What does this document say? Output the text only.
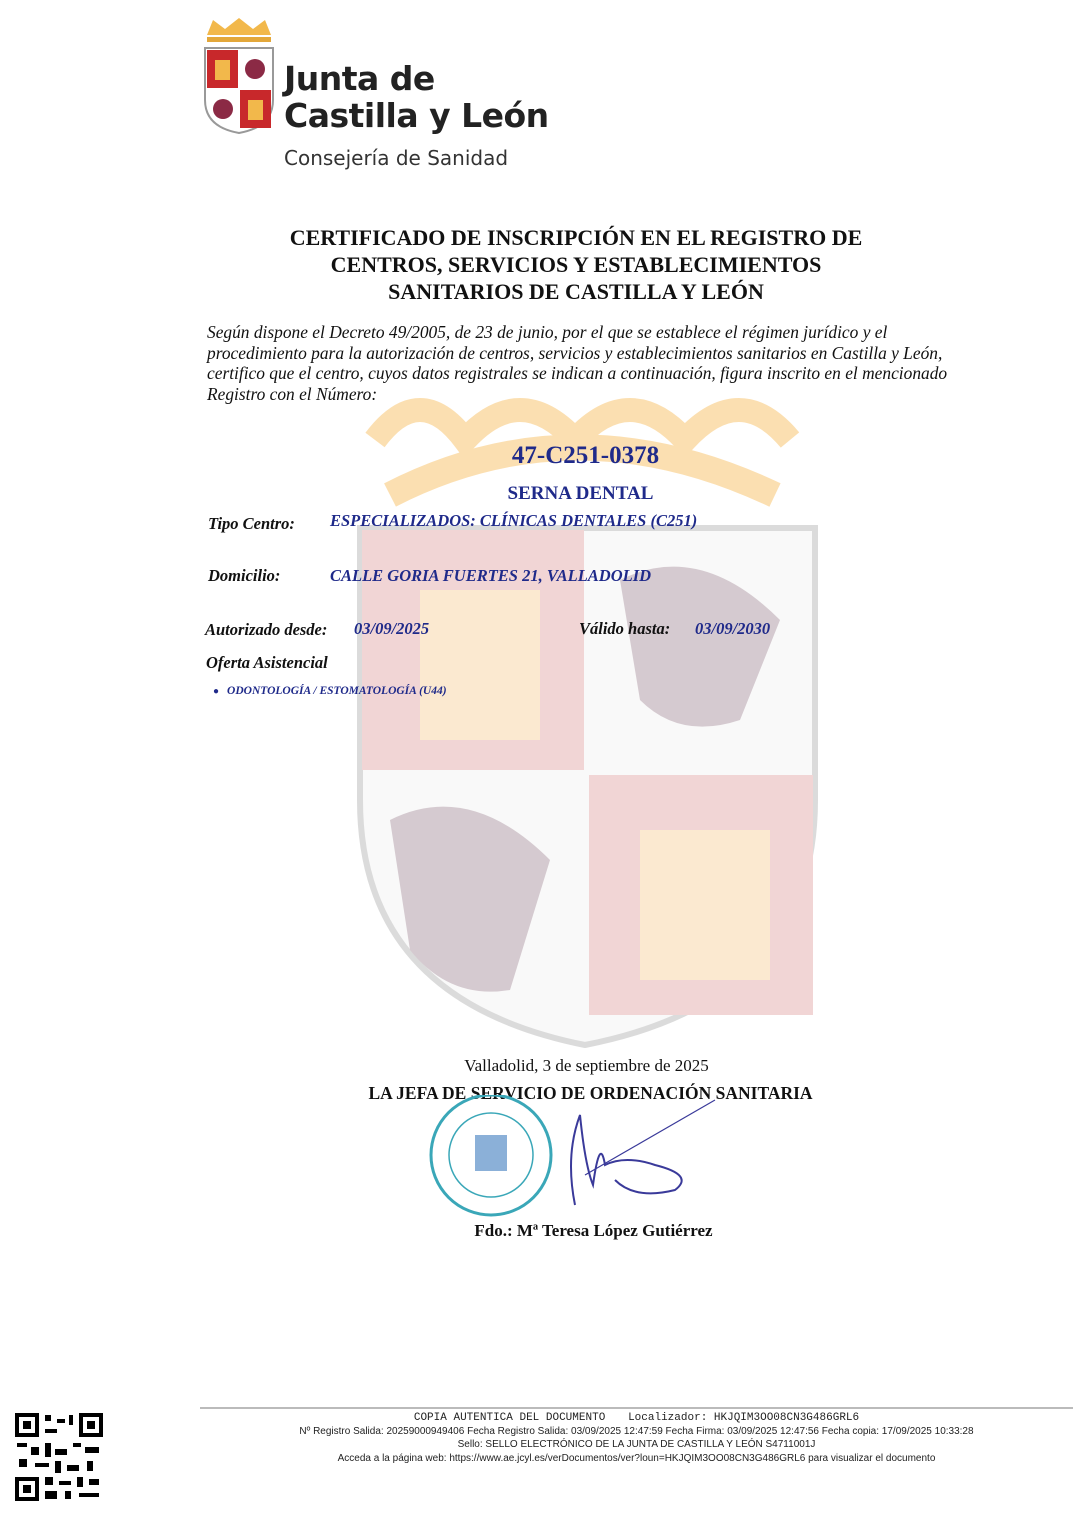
Junta de
Castilla y León
Consejería de Sanidad
CERTIFICADO DE INSCRIPCIÓN EN EL REGISTRO DE
CENTROS, SERVICIOS Y ESTABLECIMIENTOS
SANITARIOS DE CASTILLA Y LEÓN
Según dispone el Decreto 49/2005, de 23 de junio, por el que se establece el régimen jurídico y el procedimiento para la autorización de centros, servicios y establecimientos sanitarios en Castilla y León, certifico que el centro, cuyos datos registrales se indican a continuación, figura inscrito en el mencionado Registro con el Número:
47-C251-0378
SERNA DENTAL
Tipo Centro: ESPECIALIZADOS: CLÍNICAS DENTALES (C251)
Domicilio:	CALLE GORIA FUERTES 21, VALLADOLID
Autorizado desde: 03/09/2025	Válido hasta: 03/09/2030
Oferta Asistencial
● ODONTOLOGÍA / ESTOMATOLOGÍA (U44)
Valladolid, 3 de septiembre de 2025
LA JEFA DE SERVICIO DE ORDENACIÓN SANITARIA
Fdo.: Mª Teresa López Gutiérrez
COPIA AUTENTICA DEL DOCUMENTO Localizador: HKJQIM3OO08CN3G486GRL6
Nº Registro Salida: 20259000949406 Fecha Registro Salida: 03/09/2025 12:47:59 Fecha Firma: 03/09/2025 12:47:56 Fecha copia: 17/09/2025 10:33:28
Sello: SELLO ELECTRÓNICO DE LA JUNTA DE CASTILLA Y LEÓN S4711001J
Acceda a la página web: https://www.ae.jcyl.es/verDocumentos/ver?loun=HKJQIM3OO08CN3G486GRL6 para visualizar el documento
